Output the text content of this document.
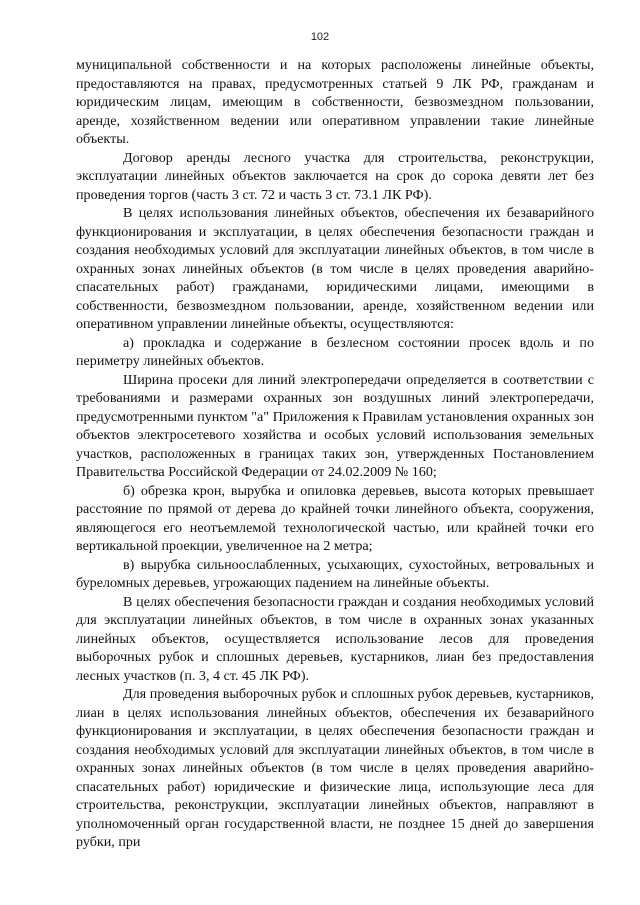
102

муниципальной собственности и на которых расположены линейные объекты, предоставляются на правах, предусмотренных статьей 9 ЛК РФ, гражданам и юридическим лицам, имеющим в собственности, безвозмездном пользовании, аренде, хозяйственном ведении или оперативном управлении такие линейные объекты.

Договор аренды лесного участка для строительства, реконструкции, эксплуатации линейных объектов заключается на срок до сорока девяти лет без проведения торгов (часть 3 ст. 72 и часть 3 ст. 73.1 ЛК РФ).

В целях использования линейных объектов, обеспечения их безаварийного функционирования и эксплуатации, в целях обеспечения безопасности граждан и создания необходимых условий для эксплуатации линейных объектов, в том числе в охранных зонах линейных объектов (в том числе в целях проведения аварийно-спасательных работ) гражданами, юридическими лицами, имеющими в собственности, безвозмездном пользовании, аренде, хозяйственном ведении или оперативном управлении линейные объекты, осуществляются:

а) прокладка и содержание в безлесном состоянии просек вдоль и по периметру линейных объектов.

Ширина просеки для линий электропередачи определяется в соответствии с требованиями и размерами охранных зон воздушных линий электропередачи, предусмотренными пунктом "а" Приложения к Правилам установления охранных зон объектов электросетевого хозяйства и особых условий использования земельных участков, расположенных в границах таких зон, утвержденных Постановлением Правительства Российской Федерации от 24.02.2009 № 160;

б) обрезка крон, вырубка и опиловка деревьев, высота которых превышает расстояние по прямой от дерева до крайней точки линейного объекта, сооружения, являющегося его неотъемлемой технологической частью, или крайней точки его вертикальной проекции, увеличенное на 2 метра;

в) вырубка сильноослабленных, усыхающих, сухостойных, ветровальных и буреломных деревьев, угрожающих падением на линейные объекты.

В целях обеспечения безопасности граждан и создания необходимых условий для эксплуатации линейных объектов, в том числе в охранных зонах указанных линейных объектов, осуществляется использование лесов для проведения выборочных рубок и сплошных деревьев, кустарников, лиан без предоставления лесных участков (п. 3, 4 ст. 45 ЛК РФ).

Для проведения выборочных рубок и сплошных рубок деревьев, кустарников, лиан в целях использования линейных объектов, обеспечения их безаварийного функционирования и эксплуатации, в целях обеспечения безопасности граждан и создания необходимых условий для эксплуатации линейных объектов, в том числе в охранных зонах линейных объектов (в том числе в целях проведения аварийно-спасательных работ) юридические и физические лица, использующие леса для строительства, реконструкции, эксплуатации линейных объектов, направляют в уполномоченный орган государственной власти, не позднее 15 дней до завершения рубки, при
